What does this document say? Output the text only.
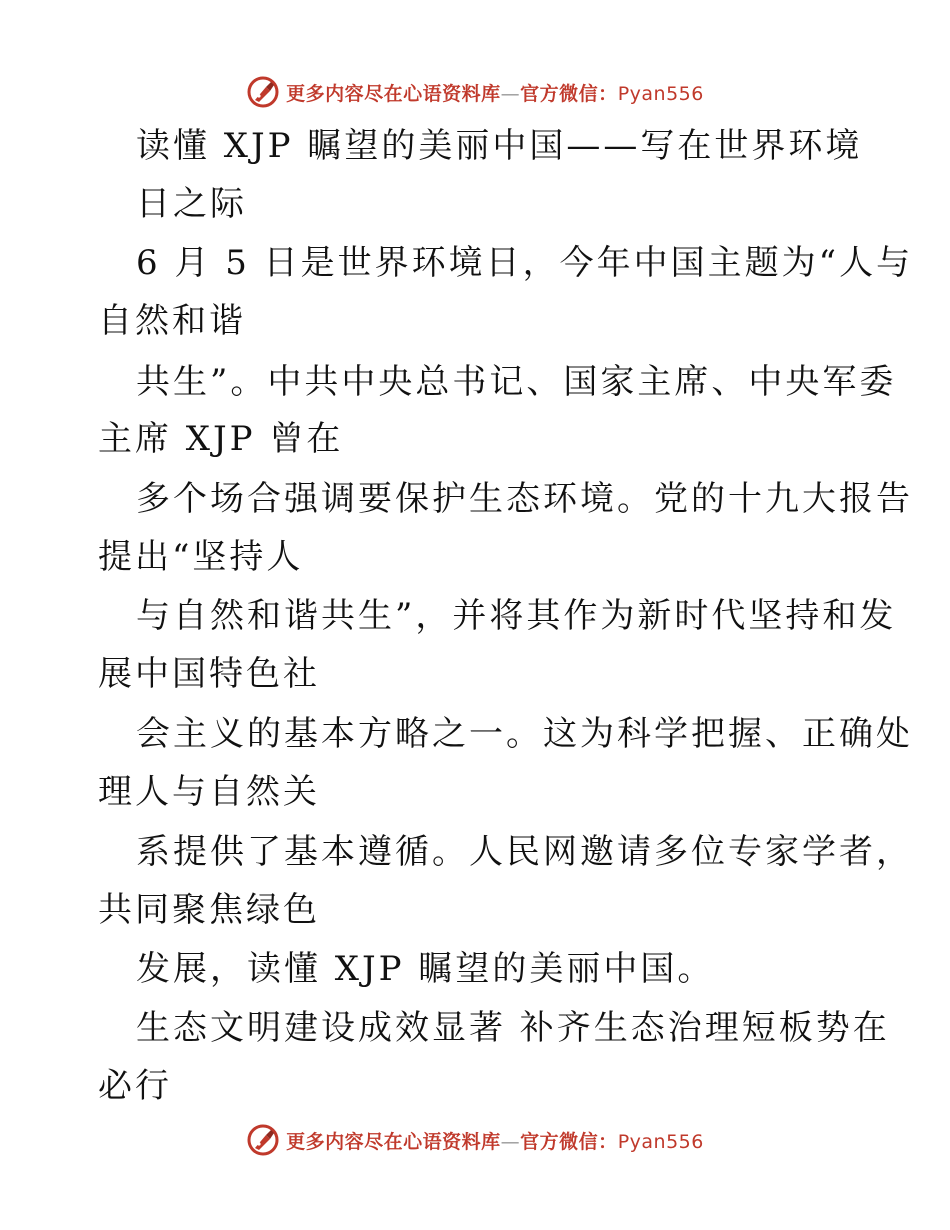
更多内容尽在心语资料库—官方微信：Pyan556
读懂 XJP 瞩望的美丽中国——写在世界环境
日之际
6 月 5 日是世界环境日，今年中国主题为“人与
自然和谐
共生”。中共中央总书记、国家主席、中央军委
主席 XJP 曾在
多个场合强调要保护生态环境。党的十九大报告
提出“坚持人
与自然和谐共生”，并将其作为新时代坚持和发
展中国特色社
会主义的基本方略之一。这为科学把握、正确处
理人与自然关
系提供了基本遵循。人民网邀请多位专家学者，
共同聚焦绿色
发展，读懂 XJP 瞩望的美丽中国。
生态文明建设成效显著 补齐生态治理短板势在
必行
更多内容尽在心语资料库—官方微信：Pyan556
